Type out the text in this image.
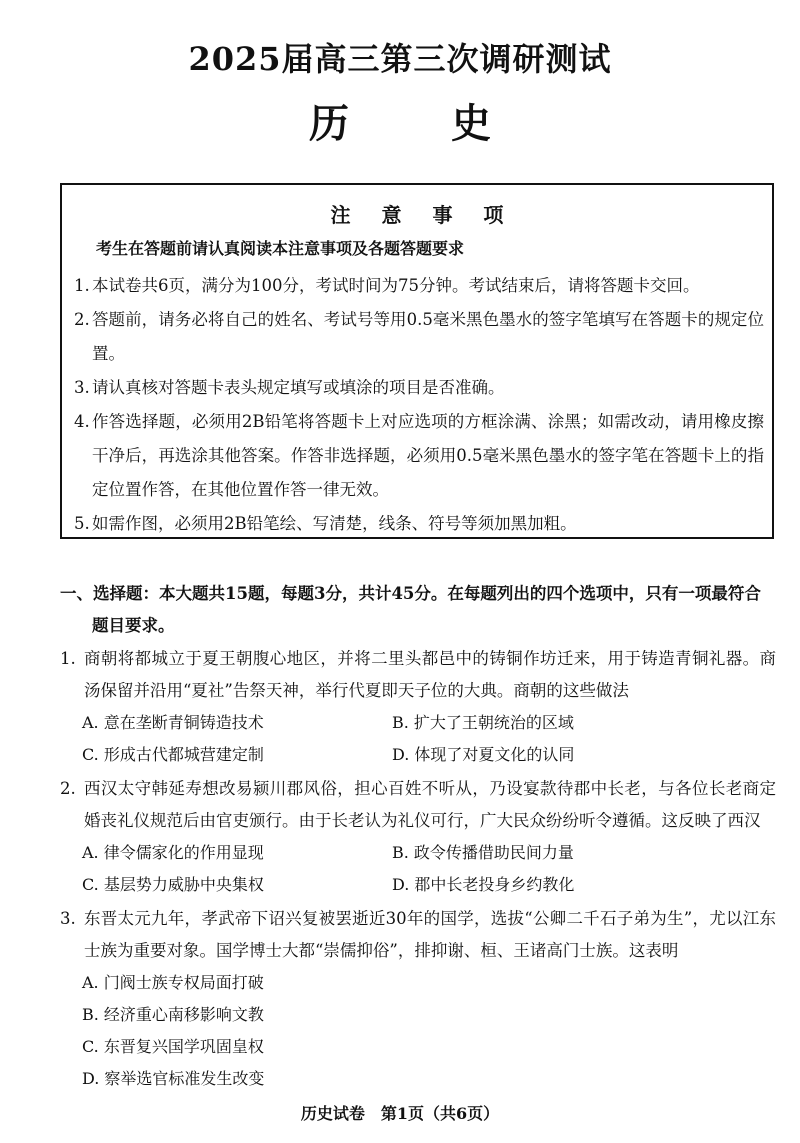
2025届高三第三次调研测试
历 史
注 意 事 项
考生在答题前请认真阅读本注意事项及各题答题要求
1. 本试卷共6页，满分为100分，考试时间为75分钟。考试结束后，请将答题卡交回。
2. 答题前，请务必将自己的姓名、考试号等用0.5毫米黑色墨水的签字笔填写在答题卡的规定位置。
3. 请认真核对答题卡表头规定填写或填涂的项目是否准确。
4. 作答选择题，必须用2B铅笔将答题卡上对应选项的方框涂满、涂黑；如需改动，请用橡皮擦干净后，再选涂其他答案。作答非选择题，必须用0.5毫米黑色墨水的签字笔在答题卡上的指定位置作答，在其他位置作答一律无效。
5. 如需作图，必须用2B铅笔绘、写清楚，线条、符号等须加黑加粗。
一、选择题：本大题共15题，每题3分，共计45分。在每题列出的四个选项中，只有一项最符合题目要求。
1. 商朝将都城立于夏王朝腹心地区，并将二里头都邑中的铸铜作坊迁来，用于铸造青铜礼器。商汤保留并沿用“夏社”告祭天神，举行代夏即天子位的大典。商朝的这些做法
A. 意在垄断青铜铸造技术	B. 扩大了王朝统治的区域
C. 形成古代都城营建定制	D. 体现了对夏文化的认同
2. 西汉太守韩延寿想改易颍川郡风俗，担心百姓不听从，乃设宴款待郡中长老，与各位长老商定婚丧礼仪规范后由官吏颁行。由于长老认为礼仪可行，广大民众纷纷听令遵循。这反映了西汉
A. 律令儒家化的作用显现	B. 政令传播借助民间力量
C. 基层势力威胁中央集权	D. 郡中长老投身乡约教化
3. 东晋太元九年，孝武帝下诏兴复被罢逝近30年的国学，选拔“公卿二千石子弟为生”，尤以江东士族为重要对象。国学博士大都“崇儒抑俗”，排抑谢、桓、王诸高门士族。这表明
A. 门阀士族专权局面打破
B. 经济重心南移影响文教
C. 东晋复兴国学巩固皇权
D. 察举选官标准发生改变
历史试卷　第1页（共6页）
